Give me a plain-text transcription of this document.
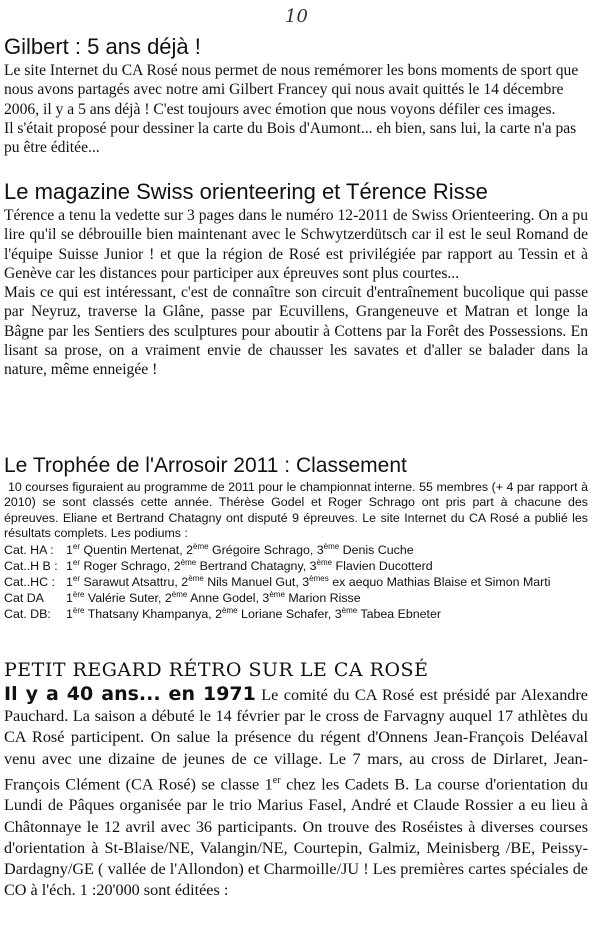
10
Gilbert : 5 ans déjà !

Le site Internet du CA Rosé nous permet de nous remémorer les bons moments de sport que nous avons partagés avec notre ami Gilbert Francey qui nous avait quittés le 14 décembre 2006, il y a 5 ans déjà ! C'est toujours avec émotion que nous voyons défiler ces images.

Il s'était proposé pour dessiner la carte du Bois d'Aumont... eh bien, sans lui, la carte n'a pas pu être éditée...

Le magazine Swiss orienteering et Térence Risse

Térence a tenu la vedette sur 3 pages dans le numéro 12-2011 de Swiss Orienteering. On a pu lire qu'il se débrouille bien maintenant avec le Schwytzerdütsch car il est le seul Romand de l'équipe Suisse Junior ! et que la région de Rosé est privilégiée par rapport au Tessin et à Genève car les distances pour participer aux épreuves sont plus courtes...

Mais ce qui est intéressant, c'est de connaître son circuit d'entraînement bucolique qui passe par Neyruz, traverse la Glâne, passe par Ecuvillens, Grangeneuve et Matran et longe la Bâgne par les Sentiers des sculptures pour aboutir à Cottens par la Forêt des Possessions. En lisant sa prose, on a vraiment envie de chausser les savates et d'aller se balader dans la nature, même enneigée !

Le Trophée de l'Arrosoir 2011 : Classement

10 courses figuraient au programme de 2011 pour le championnat interne. 55 membres (+ 4 par rapport à 2010) se sont classés cette année. Thérèse Godel et Roger Schrago ont pris part à chacune des épreuves. Eliane et Bertrand Chatagny ont disputé 9 épreuves. Le site Internet du CA Rosé a publié les résultats complets. Les podiums :

Cat. HA :	1er Quentin Mertenat, 2ème Grégoire Schrago, 3ème Denis Cuche
Cat..H B : 1er Roger Schrago, 2ème Bertrand Chatagny, 3ème Flavien Ducotterd
Cat..HC : 1er Sarawut Atsattru, 2ème Nils Manuel Gut, 3èmes ex aequo Mathias Blaise et Simon Marti
Cat DA	1ère Valérie Suter, 2ème Anne Godel, 3ème Marion Risse
Cat. DB:	1ère Thatsany Khampanya, 2ème Loriane Schafer, 3ème Tabea Ebneter
PETIT REGARD RÉTRO SUR LE CA ROSÉ

Il y a 40 ans... en 1971 Le comité du CA Rosé est présidé par Alexandre Pauchard. La saison a débuté le 14 février par le cross de Farvagny auquel 17 athlètes du CA Rosé participent. On salue la présence du régent d'Onnens Jean-François Deléaval venu avec une dizaine de jeunes de ce village. Le 7 mars, au cross de Dirlaret, Jean-François Clément (CA Rosé) se classe 1er chez les Cadets B. La course d'orientation du Lundi de Pâques organisée par le trio Marius Fasel, André et Claude Rossier a eu lieu à Châtonnaye le 12 avril avec 36 participants. On trouve des Roséistes à diverses courses d'orientation à St-Blaise/NE, Valangin/NE, Courtepin, Galmiz, Meinisberg /BE, Peissy-Dardagny/GE ( vallée de l'Allondon) et Charmoille/JU ! Les premières cartes spéciales de CO à l'éch. 1 :20'000 sont éditées :
